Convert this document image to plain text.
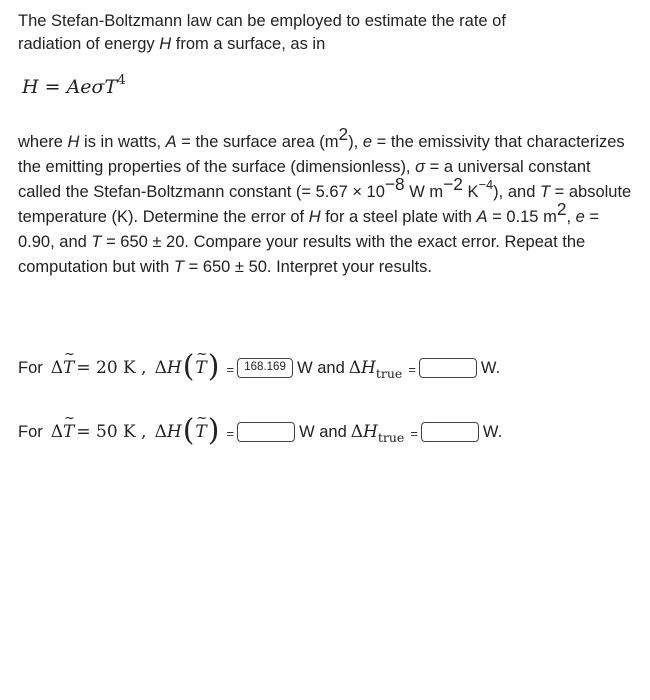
The Stefan-Boltzmann law can be employed to estimate the rate of
radiation of energy H from a surface, as in

H = AeσT$^4$

where H is in watts, A = the surface area $(m^2)$, e = the emissivity that characterizes the emitting properties of the surface (dimensionless), σ = a universal constant called the Stefan-Boltzmann constant (= $5.67 \times 10^{-8}$ W $m^{-2}$ $K^{-4}$), and T = absolute temperature (K). Determine the error of H for a steel plate with A = 0.15 $m^2$, e = 0.90, and T = 650 ± 20. Compare your results with the exact error. Repeat the computation but with T = 650 ± 50. Interpret your results.

For Δ ~ T = 20 K , ΔH ( ~ T ) = 168.169 W and ΔH true =	W.
For Δ ~ T = 50 K , ΔH ( ~ T ) =	W and ΔH true =	W.
